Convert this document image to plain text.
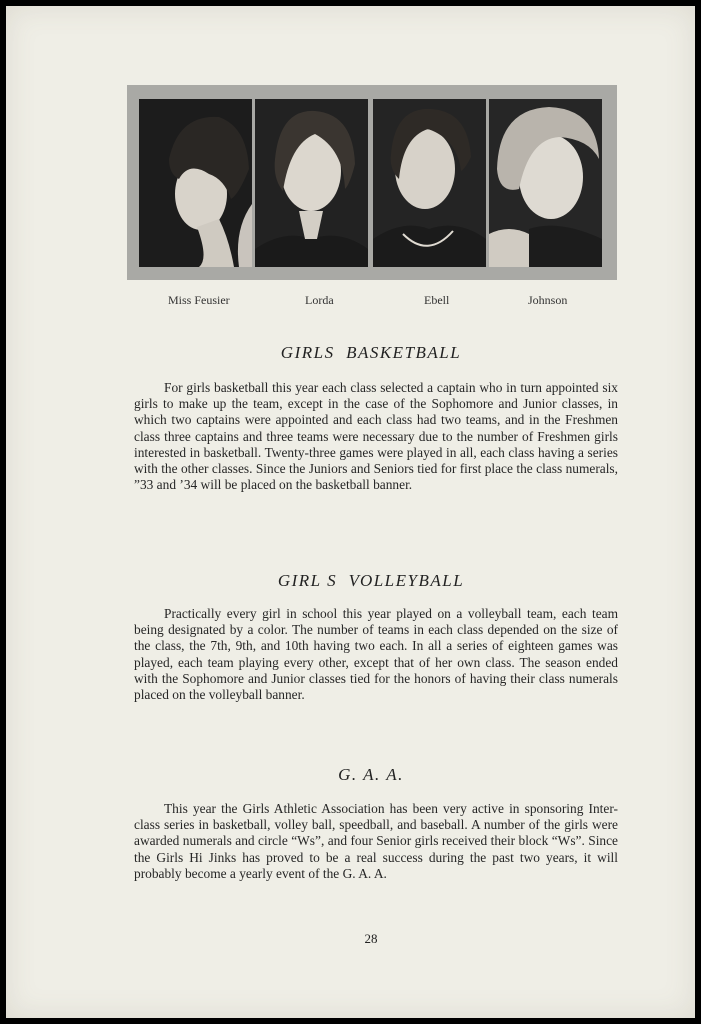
Miss Feusier	Lorda	Ebell	Johnson
GIRLS  BASKETBALL

For girls basketball this year each class selected a captain who in turn appointed six girls to make up the team, except in the case of the Sophomore and Junior classes, in which two captains were appointed and each class had two teams, and in the Freshmen class three captains and three teams were necessary due to the number of Freshmen girls interested in basketball. Twenty-three games were played in all, each class having a series with the other classes. Since the Juniors and Seniors tied for first place the class numerals, ”33 and ’34 will be placed on the basketball banner.

GIRL S  VOLLEYBALL

Practically every girl in school this year played on a volleyball team, each team being designated by a color. The number of teams in each class depended on the size of the class, the 7th, 9th, and 10th having two each. In all a series of eighteen games was played, each team playing every other, except that of her own class. The season ended with the Sophomore and Junior classes tied for the honors of having their class numerals placed on the volleyball banner.

G. A. A.

This year the Girls Athletic Association has been very active in sponsoring Inter-class series in basketball, volley ball, speedball, and baseball. A number of the girls were awarded numerals and circle “Ws”, and four Senior girls received their block “Ws”. Since the Girls Hi Jinks has proved to be a real success during the past two years, it will probably become a yearly event of the G. A. A.

28
